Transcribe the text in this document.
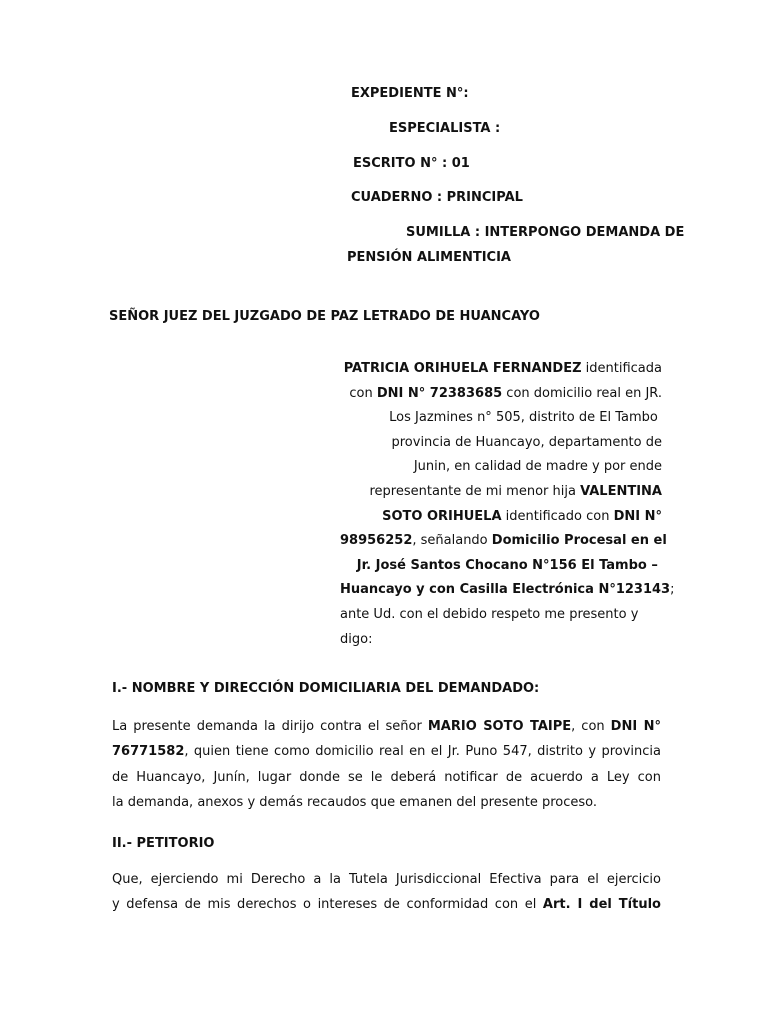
EXPEDIENTE N°:
ESPECIALISTA :
ESCRITO N° : 01
CUADERNO : PRINCIPAL
SUMILLA : INTERPONGO DEMANDA DE
PENSIÓN ALIMENTICIA
SEÑOR JUEZ DEL JUZGADO DE PAZ LETRADO DE HUANCAYO
PATRICIA ORIHUELA FERNANDEZ identificada
con DNI N° 72383685 con domicilio real en JR.
Los Jazmines n° 505, distrito de El Tambo
provincia de Huancayo, departamento de
Junin, en calidad de madre y por ende
representante de mi menor hija VALENTINA
SOTO ORIHUELA identificado con DNI N°
98956252, señalando Domicilio Procesal en el
Jr. José Santos Chocano N°156 El Tambo –
Huancayo y con Casilla Electrónica N°123143;
ante Ud. con el debido respeto me presento y
digo:
I.- NOMBRE Y DIRECCIÓN DOMICILIARIA DEL DEMANDADO:
La presente demanda la dirijo contra el señor MARIO SOTO TAIPE, con DNI N°
76771582, quien tiene como domicilio real en el Jr. Puno 547, distrito y provincia
de Huancayo, Junín, lugar donde se le deberá notificar de acuerdo a Ley con
la demanda, anexos y demás recaudos que emanen del presente proceso.
II.- PETITORIO
Que, ejerciendo mi Derecho a la Tutela Jurisdiccional Efectiva para el ejercicio
y defensa de mis derechos o intereses de conformidad con el Art. I del Título
